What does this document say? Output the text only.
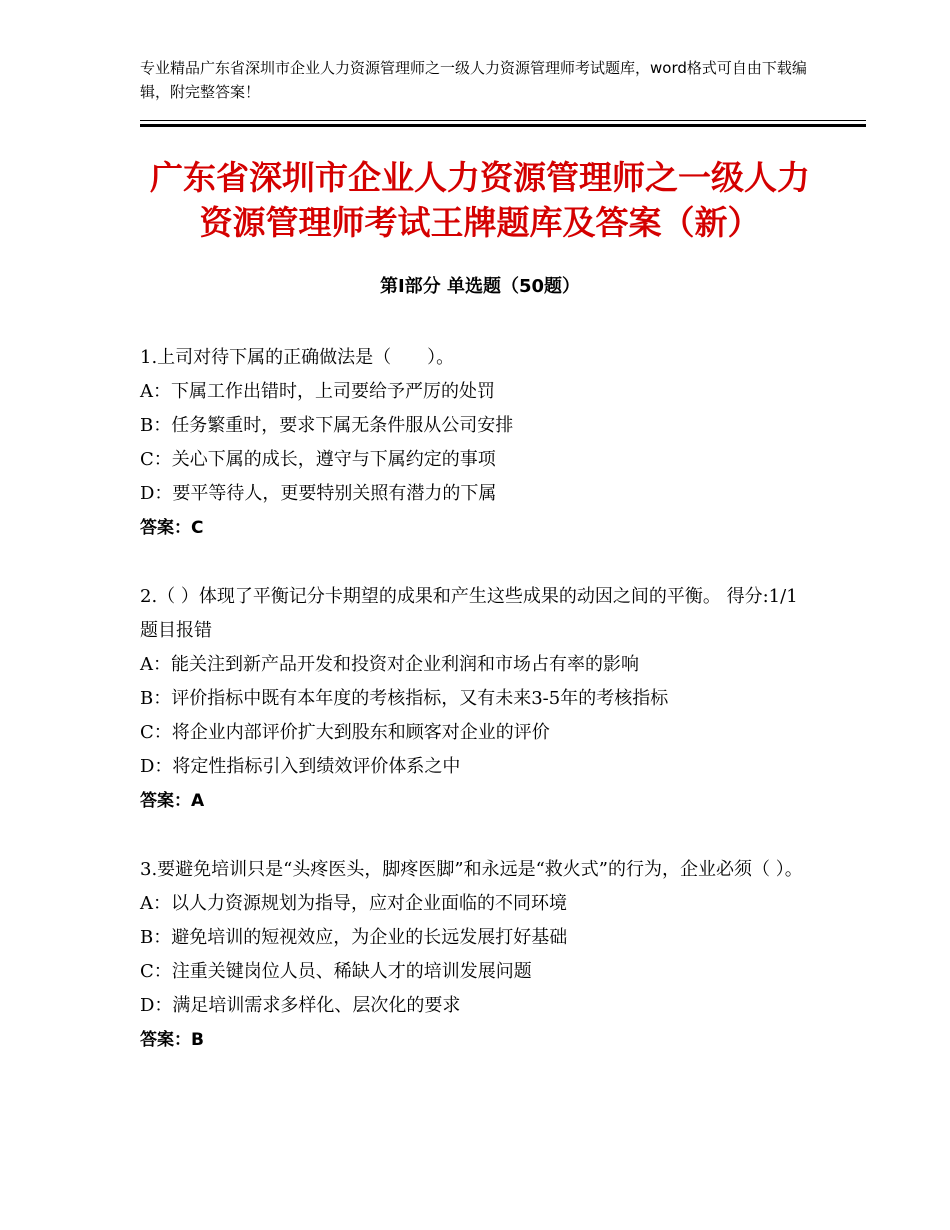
专业精品广东省深圳市企业人力资源管理师之一级人力资源管理师考试题库，word格式可自由下载编辑，附完整答案！
广东省深圳市企业人力资源管理师之一级人力资源管理师考试王牌题库及答案（新）
第Ⅰ部分 单选题（50题）
1.上司对待下属的正确做法是（　　）。
A：下属工作出错时，上司要给予严厉的处罚
B：任务繁重时，要求下属无条件服从公司安排
C：关心下属的成长，遵守与下属约定的事项
D：要平等待人，更要特别关照有潜力的下属
答案：C
2.（ ）体现了平衡记分卡期望的成果和产生这些成果的动因之间的平衡。 得分:1/1 题目报错
A：能关注到新产品开发和投资对企业利润和市场占有率的影响
B：评价指标中既有本年度的考核指标，又有未来3-5年的考核指标
C：将企业内部评价扩大到股东和顾客对企业的评价
D：将定性指标引入到绩效评价体系之中
答案：A
3.要避免培训只是“头疼医头，脚疼医脚”和永远是“救火式”的行为，企业必须（ ）。
A：以人力资源规划为指导，应对企业面临的不同环境
B：避免培训的短视效应，为企业的长远发展打好基础
C：注重关键岗位人员、稀缺人才的培训发展问题
D：满足培训需求多样化、层次化的要求
答案：B
